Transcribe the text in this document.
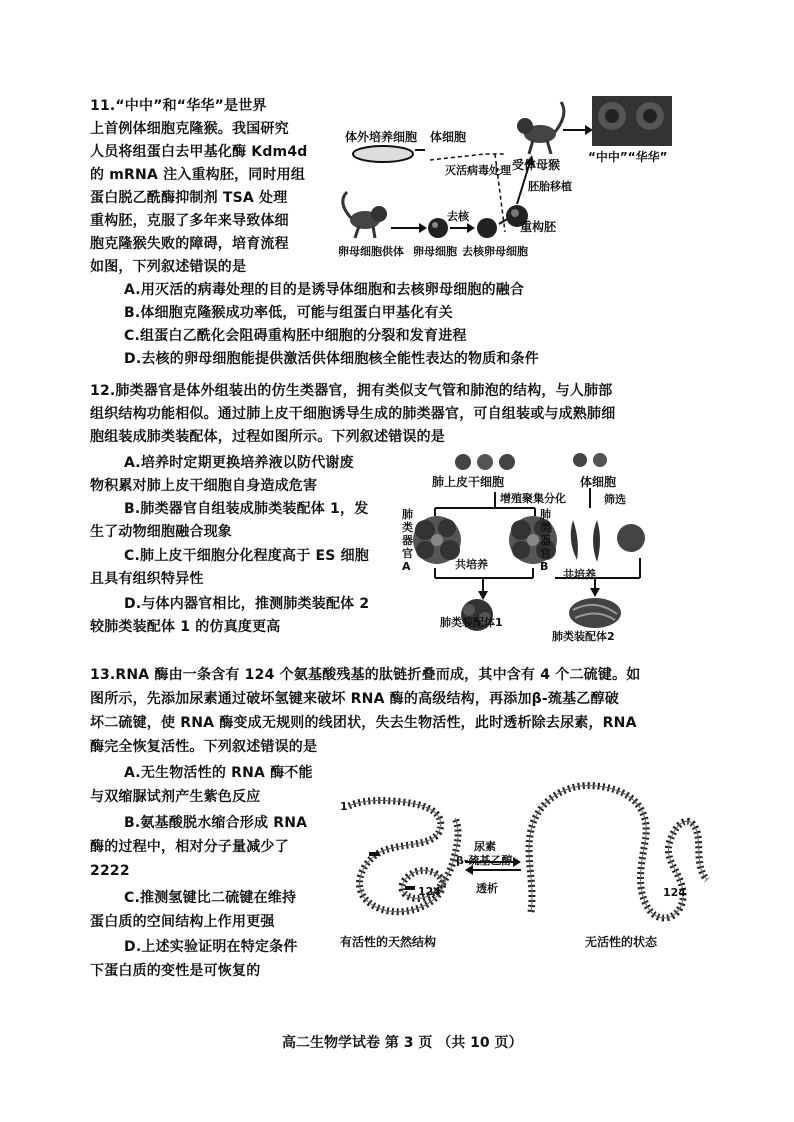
11.“中中”和“华华”是世界
上首例体细胞克隆猴。我国研究
人员将组蛋白去甲基化酶 Kdm4d
的 mRNA 注入重构胚，同时用组
蛋白脱乙酰酶抑制剂 TSA 处理
重构胚，克服了多年来导致体细
胞克隆猴失败的障碍，培育流程
如图，下列叙述错误的是
A.用灭活的病毒处理的目的是诱导体细胞和去核卵母细胞的融合
B.体细胞克隆猴成功率低，可能与组蛋白甲基化有关
C.组蛋白乙酰化会阻碍重构胚中细胞的分裂和发育进程
D.去核的卵母细胞能提供激活供体细胞核全能性表达的物质和条件
体外培养细胞 体细胞
灭活病毒处理 受体母猴
“中中”“华华”
胚胎移植
去核
重构胚
卵母细胞供体 卵母细胞 去核卵母细胞
12.肺类器官是体外组装出的仿生类器官，拥有类似支气管和肺泡的结构，与人肺部
组织结构功能相似。通过肺上皮干细胞诱导生成的肺类器官，可自组装或与成熟肺细
胞组装成肺类装配体，过程如图所示。下列叙述错误的是
A.培养时定期更换培养液以防代谢废
物积累对肺上皮干细胞自身造成危害
B.肺类器官自组装成肺类装配体 1，发
生了动物细胞融合现象
C.肺上皮干细胞分化程度高于 ES 细胞
且具有组织特异性
D.与体内器官相比，推测肺类装配体 2
较肺类装配体 1 的仿真度更高
肺上皮干细胞	体细胞
增殖聚集分化	筛选
肺类器官A
肺类器官B
共培养
共培养
肺类装配体1
肺类装配体2
13.RNA 酶由一条含有 124 个氨基酸残基的肽链折叠而成，其中含有 4 个二硫键。如
图所示，先添加尿素通过破坏氢键来破坏 RNA 酶的高级结构，再添加β-巯基乙醇破
坏二硫键，使 RNA 酶变成无规则的线团状，失去生物活性，此时透析除去尿素，RNA
酶完全恢复活性。下列叙述错误的是
A.无生物活性的 RNA 酶不能
与双缩脲试剂产生紫色反应
B.氨基酸脱水缩合形成 RNA
酶的过程中，相对分子量减少了
2222
C.推测氢键比二硫键在维持
蛋白质的空间结构上作用更强
D.上述实验证明在特定条件
下蛋白质的变性是可恢复的
1
124	124
尿素
β-巯基乙醇
透析
有活性的天然结构	无活性的状态
高二生物学试卷 第 3 页 （共 10 页）
